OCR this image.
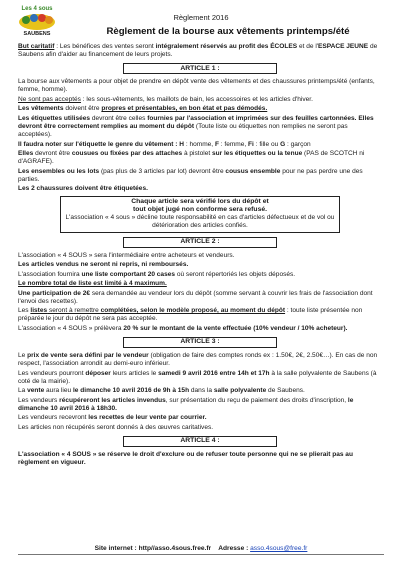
Les 4 sous
SAUBENS
Règlement 2016
Règlement de la bourse aux vêtements printemps/été

But caritatif : Les bénéfices des ventes seront intégralement réservés au profit des ÉCOLES et de l'ESPACE JEUNE de Saubens afin d'aider au financement de leurs projets.

ARTICLE 1 :

La bourse aux vêtements a pour objet de prendre en dépôt vente des vêtements et des chaussures printemps/été (enfants, femme, homme).

Ne sont pas acceptés : les sous-vêtements, les maillots de bain, les accessoires et les articles d'hiver.

Les vêtements doivent être propres et présentables, en bon état et pas démodés.

Les étiquettes utilisées devront être celles fournies par l'association et imprimées sur des feuilles cartonnées. Elles devront être correctement remplies au moment du dépôt (Toute liste ou étiquettes non remplies ne seront pas acceptées).

Il faudra noter sur l'étiquette le genre du vêtement : H : homme, F : femme, Fi : fille ou G : garçon

Elles devront être cousues ou fixées par des attaches à pistolet sur les étiquettes ou la tenue (PAS de SCOTCH ni d'AGRAFE).

Les ensembles ou les lots (pas plus de 3 articles par lot) devront être cousus ensemble pour ne pas perdre une des parties.

Les 2 chaussures doivent être étiquetées.

Chaque article sera vérifié lors du dépôt et
tout objet jugé non conforme sera refusé.
L'association « 4 sous » décline toute responsabilité en cas d'articles défectueux et de vol ou détérioration des articles confiés.
ARTICLE 2 :

L'association « 4 SOUS » sera l'intermédiaire entre acheteurs et vendeurs.

Les articles vendus ne seront ni repris, ni remboursés.

L'association fournira une liste comportant 20 cases où seront répertoriés les objets déposés.

Le nombre total de liste est limité à 4 maximum.

Une participation de 2€ sera demandée au vendeur lors du dépôt (somme servant à couvrir les frais de l'association dont l'envoi des recettes).

Les listes seront à remettre complétées, selon le modèle proposé, au moment du dépôt : toute liste présentée non préparée le jour du dépôt ne sera pas acceptée.

L'association « 4 SOUS » prélèvera 20 % sur le montant de la vente effectuée (10% vendeur / 10% acheteur).

ARTICLE 3 :

Le prix de vente sera défini par le vendeur (obligation de faire des comptes ronds ex : 1.50€, 2€, 2.50€…). En cas de non respect, l'association arrondit au demi-euro inférieur.

Les vendeurs pourront déposer leurs articles le samedi 9 avril 2016 entre 14h et 17h à la salle polyvalente de Saubens (à coté de la mairie).

La vente aura lieu le dimanche 10 avril 2016 de 9h à 15h dans la salle polyvalente de Saubens.

Les vendeurs récupéreront les articles invendus, sur présentation du reçu de paiement des droits d'inscription, le dimanche 10 avril 2016 à 18h30.

Les vendeurs recevront les recettes de leur vente par courrier.

Les articles non récupérés seront donnés à des œuvres caritatives.

ARTICLE 4 :

L'association « 4 SOUS » se réserve le droit d'exclure ou de refuser toute personne qui ne se plierait pas au règlement en vigueur.

Site internet : http//asso.4sous.free.fr Adresse : asso.4sous@free.fr
